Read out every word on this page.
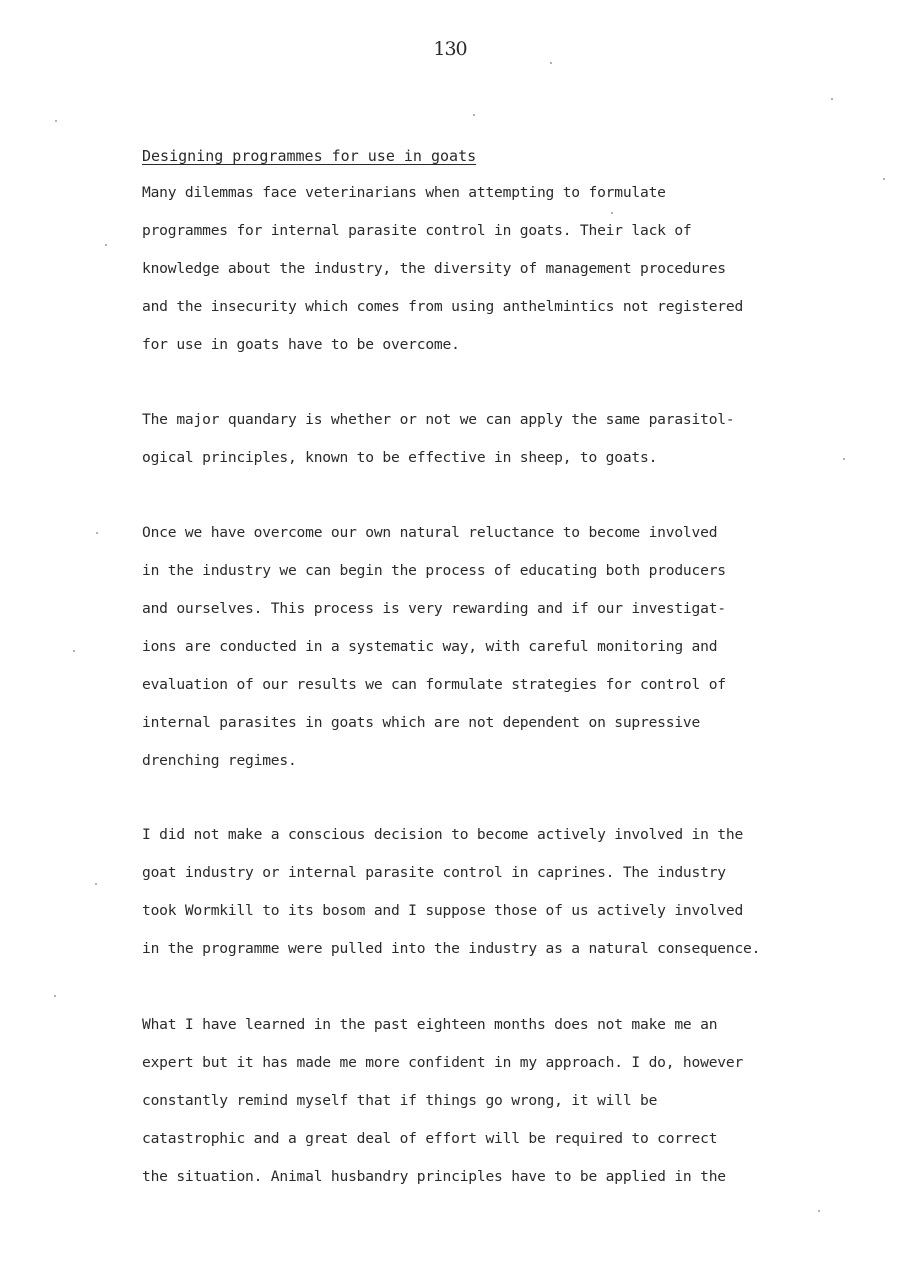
130
Designing programmes for use in goats
Many dilemmas face veterinarians when attempting to formulate
programmes for internal parasite control in goats. Their lack of
knowledge about the industry, the diversity of management procedures
and the insecurity which comes from using anthelmintics not registered
for use in goats have to be overcome.
The major quandary is whether or not we can apply the same parasitol-
ogical principles, known to be effective in sheep, to goats.
Once we have overcome our own natural reluctance to become involved
in the industry we can begin the process of educating both producers
and ourselves. This process is very rewarding and if our investigat-
ions are conducted in a systematic way, with careful monitoring and
evaluation of our results we can formulate strategies for control of
internal parasites in goats which are not dependent on supressive
drenching regimes.
I did not make a conscious decision to become actively involved in the
goat industry or internal parasite control in caprines. The industry
took Wormkill to its bosom and I suppose those of us actively involved
in the programme were pulled into the industry as a natural consequence.
What I have learned in the past eighteen months does not make me an
expert but it has made me more confident in my approach. I do, however
constantly remind myself that if things go wrong, it will be
catastrophic and a great deal of effort will be required to correct
the situation. Animal husbandry principles have to be applied in the
